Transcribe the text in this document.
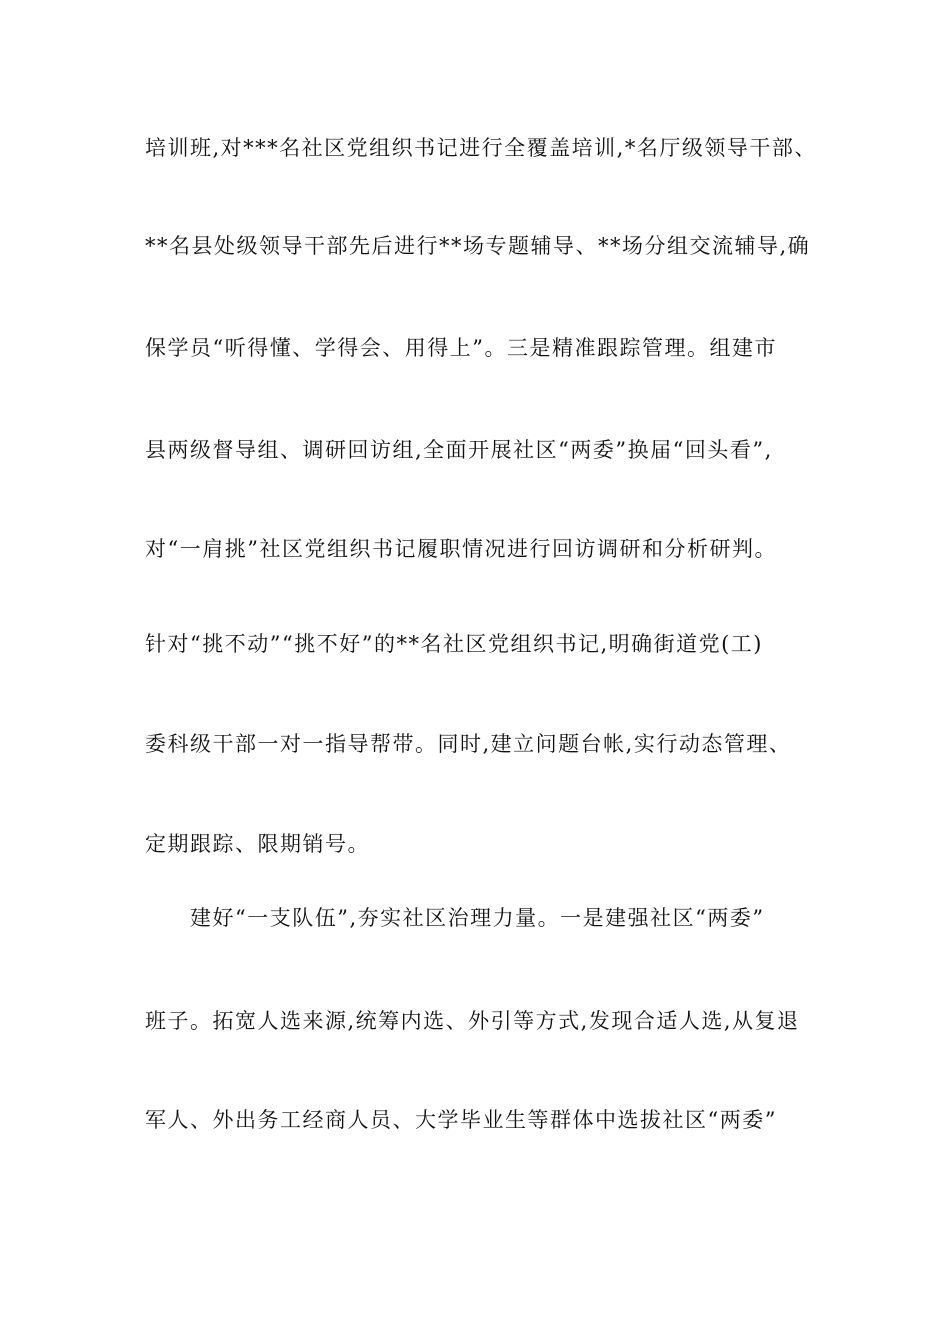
培训班,对***名社区党组织书记进行全覆盖培训,*名厅级领导干部、
**名县处级领导干部先后进行**场专题辅导、**场分组交流辅导,确
保学员“听得懂、学得会、用得上”。三是精准跟踪管理。组建市
县两级督导组、调研回访组,全面开展社区“两委”换届“回头看”,
对“一肩挑”社区党组织书记履职情况进行回访调研和分析研判。
针对“挑不动”“挑不好”的**名社区党组织书记,明确街道党(工)
委科级干部一对一指导帮带。同时,建立问题台帐,实行动态管理、
定期跟踪、限期销号。
建好“一支队伍”,夯实社区治理力量。一是建强社区“两委”
班子。拓宽人选来源,统筹内选、外引等方式,发现合适人选,从复退
军人、外出务工经商人员、大学毕业生等群体中选拔社区“两委”
